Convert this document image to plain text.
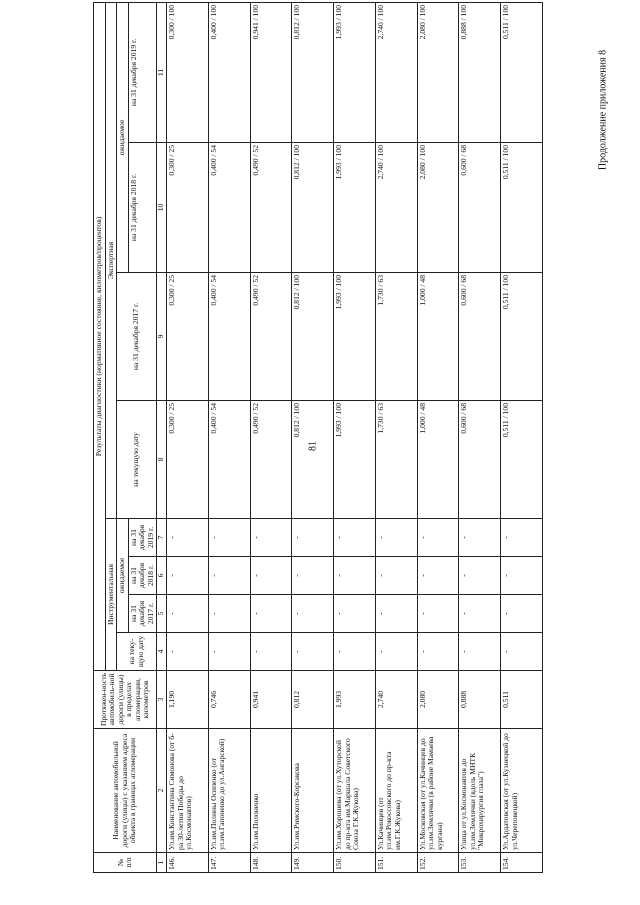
81
Продолжение приложения 8
№ п/п	Наименование автомобильной дороги (улицы) с указанием адреса объекта в границах агломерации	Протяжен-ность автомобиль-ной дороги (улицы) в пределах агломерации, километров	Результаты диагностики (нормативное состояние, километров/процентов)							
			Инструментальная				Экспертная			
			на теку-щую дату	ожидаемое			на текущую дату	на 31 декабря 2017 г.	ожидаемое	
				на 31 декабря 2017 г.	на 31 декабря 2018 г.	на 31 декабря 2019 г.			на 31 декабря 2018 г.	на 31 декабря 2019 г.
1	2	3	4	5	6	7	8	9	10	11
146.	Ул.им.Константина Симонова (от б-ра 30-летия Победы до ул.Космонавтов)	1,190	-	-	-	-	0,300 / 25	0,300 / 25	0,300 / 25	0,300 / 100
147.	Ул.им.Полины Осипенко (от ул.им.Гапоненко до ул.Ангарской)	0,746	-	-	-	-	0,400 / 54	0,400 / 54	0,400 / 54	0,400 / 100
148.	Ул.им.Полоненко	0,941	-	-	-	-	0,490 / 52	0,490 / 52	0,490 / 52	0,941 / 100
149.	Ул.им.Римского-Корсакова	0,812	-	-	-	-	0,812 / 100	0,812 / 100	0,812 / 100	0,812 / 100
150.	Ул.им.Хорошева (от ул.Хуторской до пр-кта им.Маршала Советского Союза Г.К.Жукова)	1,993	-	-	-	-	1,993 / 100	1,993 / 100	1,993 / 100	1,993 / 100
151.	Ул.Качинцев (от ул.им.Рокоссовского до пр-кта им.Г.К.Жукова)	2,740	-	-	-	-	1,730 / 63	1,730 / 63	2,740 / 100	2,740 / 100
152.	Ул.Московская (от ул.Качинцев до ул.им.Землячки (в районе Мамаева кургана)	2,080	-	-	-	-	1,000 / 48	1,000 / 48	2,080 / 100	2,080 / 100
153.	Улица от ул.Космонавтов до ул.им.Землячки (вдоль МНТК "Микрохирургия глаза")	0,888	-	-	-	-	0,600 / 68	0,600 / 68	0,600 / 68	0,888 / 100
154.	Ул.Ардатовская (от ул.Кузнецкой до ул.Череповецкой)	0,511	-	-	-	-	0,511 / 100	0,511 / 100	0,511 / 100	0,511 / 100
